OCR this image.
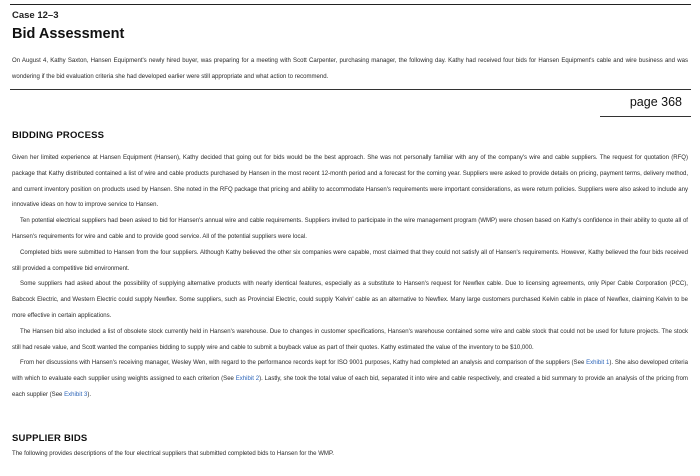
Case 12–3
Bid Assessment

On August 4, Kathy Saxton, Hansen Equipment's newly hired buyer, was preparing for a meeting with Scott Carpenter, purchasing manager, the following day. Kathy had received four bids for Hansen Equipment's cable and wire business and was wondering if the bid evaluation criteria she had developed earlier were still appropriate and what action to recommend.

page 368
BIDDING PROCESS

Given her limited experience at Hansen Equipment (Hansen), Kathy decided that going out for bids would be the best approach. She was not personally familiar with any of the company's wire and cable suppliers. The request for quotation (RFQ) package that Kathy distributed contained a list of wire and cable products purchased by Hansen in the most recent 12-month period and a forecast for the coming year. Suppliers were asked to provide details on pricing, payment terms, delivery method, and current inventory position on products used by Hansen. She noted in the RFQ package that pricing and ability to accommodate Hansen's requirements were important considerations, as were return policies. Suppliers were also asked to include any innovative ideas on how to improve service to Hansen.

Ten potential electrical suppliers had been asked to bid for Hansen's annual wire and cable requirements. Suppliers invited to participate in the wire management program (WMP) were chosen based on Kathy's confidence in their ability to quote all of Hansen's requirements for wire and cable and to provide good service. All of the potential suppliers were local.

Completed bids were submitted to Hansen from the four suppliers. Although Kathy believed the other six companies were capable, most claimed that they could not satisfy all of Hansen's requirements. However, Kathy believed the four bids received still provided a competitive bid environment.

Some suppliers had asked about the possibility of supplying alternative products with nearly identical features, especially as a substitute to Hansen's request for Newflex cable. Due to licensing agreements, only Piper Cable Corporation (PCC), Babcock Electric, and Western Electric could supply Newflex. Some suppliers, such as Provincial Electric, could supply 'Kelvin' cable as an alternative to Newflex. Many large customers purchased Kelvin cable in place of Newflex, claiming Kelvin to be more effective in certain applications.

The Hansen bid also included a list of obsolete stock currently held in Hansen's warehouse. Due to changes in customer specifications, Hansen's warehouse contained some wire and cable stock that could not be used for future projects. The stock still had resale value, and Scott wanted the companies bidding to supply wire and cable to submit a buyback value as part of their quotes. Kathy estimated the value of the inventory to be $10,000.

From her discussions with Hansen's receiving manager, Wesley Wen, with regard to the performance records kept for ISO 9001 purposes, Kathy had completed an analysis and comparison of the suppliers (See Exhibit 1). She also developed criteria with which to evaluate each supplier using weights assigned to each criterion (See Exhibit 2). Lastly, she took the total value of each bid, separated it into wire and cable respectively, and created a bid summary to provide an analysis of the pricing from each supplier (See Exhibit 3).

SUPPLIER BIDS
The following provides descriptions of the four electrical suppliers that submitted completed bids to Hansen for the WMP.
